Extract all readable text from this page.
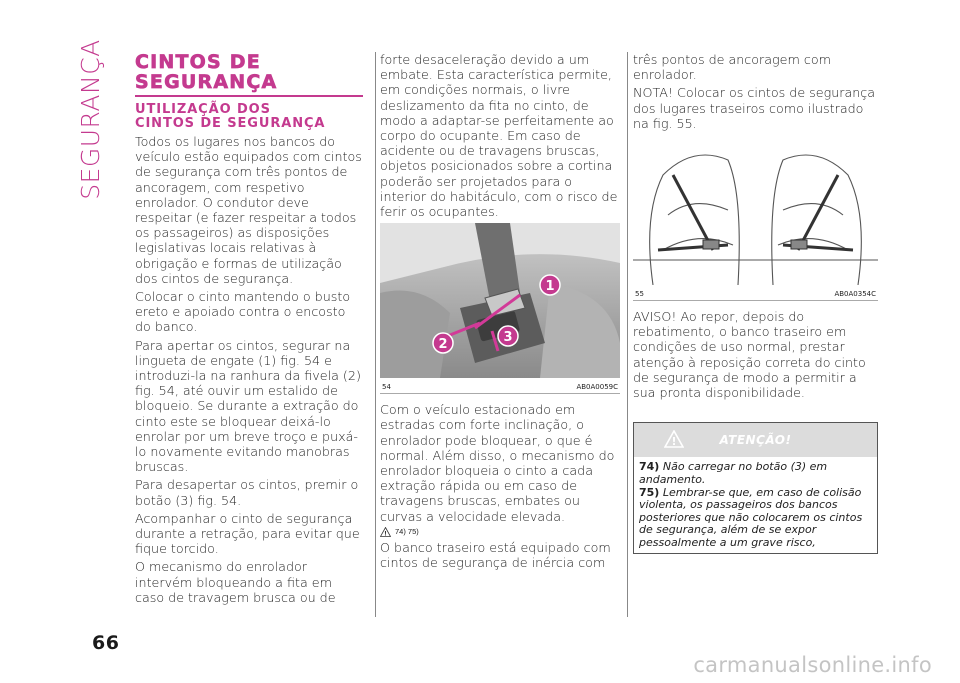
SEGURANÇA CINTOS DE
SEGURANÇA
UTILIZAÇÃO DOS
CINTOS DE SEGURANÇA

Todos os lugares nos bancos do veículo estão equipados com cintos de segurança com três pontos de ancoragem, com respetivo enrolador. O condutor deve respeitar (e fazer respeitar a todos os passageiros) as disposições legislativas locais relativas à obrigação e formas de utilização dos cintos de segurança.

Colocar o cinto mantendo o busto ereto e apoiado contra o encosto do banco.

Para apertar os cintos, segurar na lingueta de engate (1) fig. 54 e introduzi-la na ranhura da fivela (2) fig. 54, até ouvir um estalido de bloqueio. Se durante a extração do cinto este se bloquear deixá-lo enrolar por um breve troço e puxá-lo novamente evitando manobras bruscas.

Para desapertar os cintos, premir o botão (3) fig. 54.

Acompanhar o cinto de segurança durante a retração, para evitar que fique torcido.

O mecanismo do enrolador intervém bloqueando a fita em caso de travagem brusca ou de

forte desaceleração devido a um embate. Esta característica permite, em condições normais, o livre deslizamento da fita no cinto, de modo a adaptar-se perfeitamente ao corpo do ocupante. Em caso de acidente ou de travagens bruscas, objetos posicionados sobre a cortina poderão ser projetados para o interior do habitáculo, com o risco de ferir os ocupantes.

1
2	3
54	AB0A0059C

Com o veículo estacionado em estradas com forte inclinação, o enrolador pode bloquear, o que é normal. Além disso, o mecanismo do enrolador bloqueia o cinto a cada extração rápida ou em caso de travagens bruscas, embates ou curvas a velocidade elevada.

! 74) 75)

O banco traseiro está equipado com cintos de segurança de inércia com

três pontos de ancoragem com enrolador.

NOTA! Colocar os cintos de segurança dos lugares traseiros como ilustrado na fig. 55.

55	AB0A0354C

AVISO! Ao repor, depois do rebatimento, o banco traseiro em condições de uso normal, prestar atenção à reposição correta do cinto de segurança de modo a permitir a sua pronta disponibilidade.

!	ATENÇÃO!

74) Não carregar no botão (3) em andamento.

75) Lembrar-se que, em caso de colisão violenta, os passageiros dos bancos posteriores que não colocarem os cintos de segurança, além de se expor pessoalmente a um grave risco,

66
carmanualsonline.info
